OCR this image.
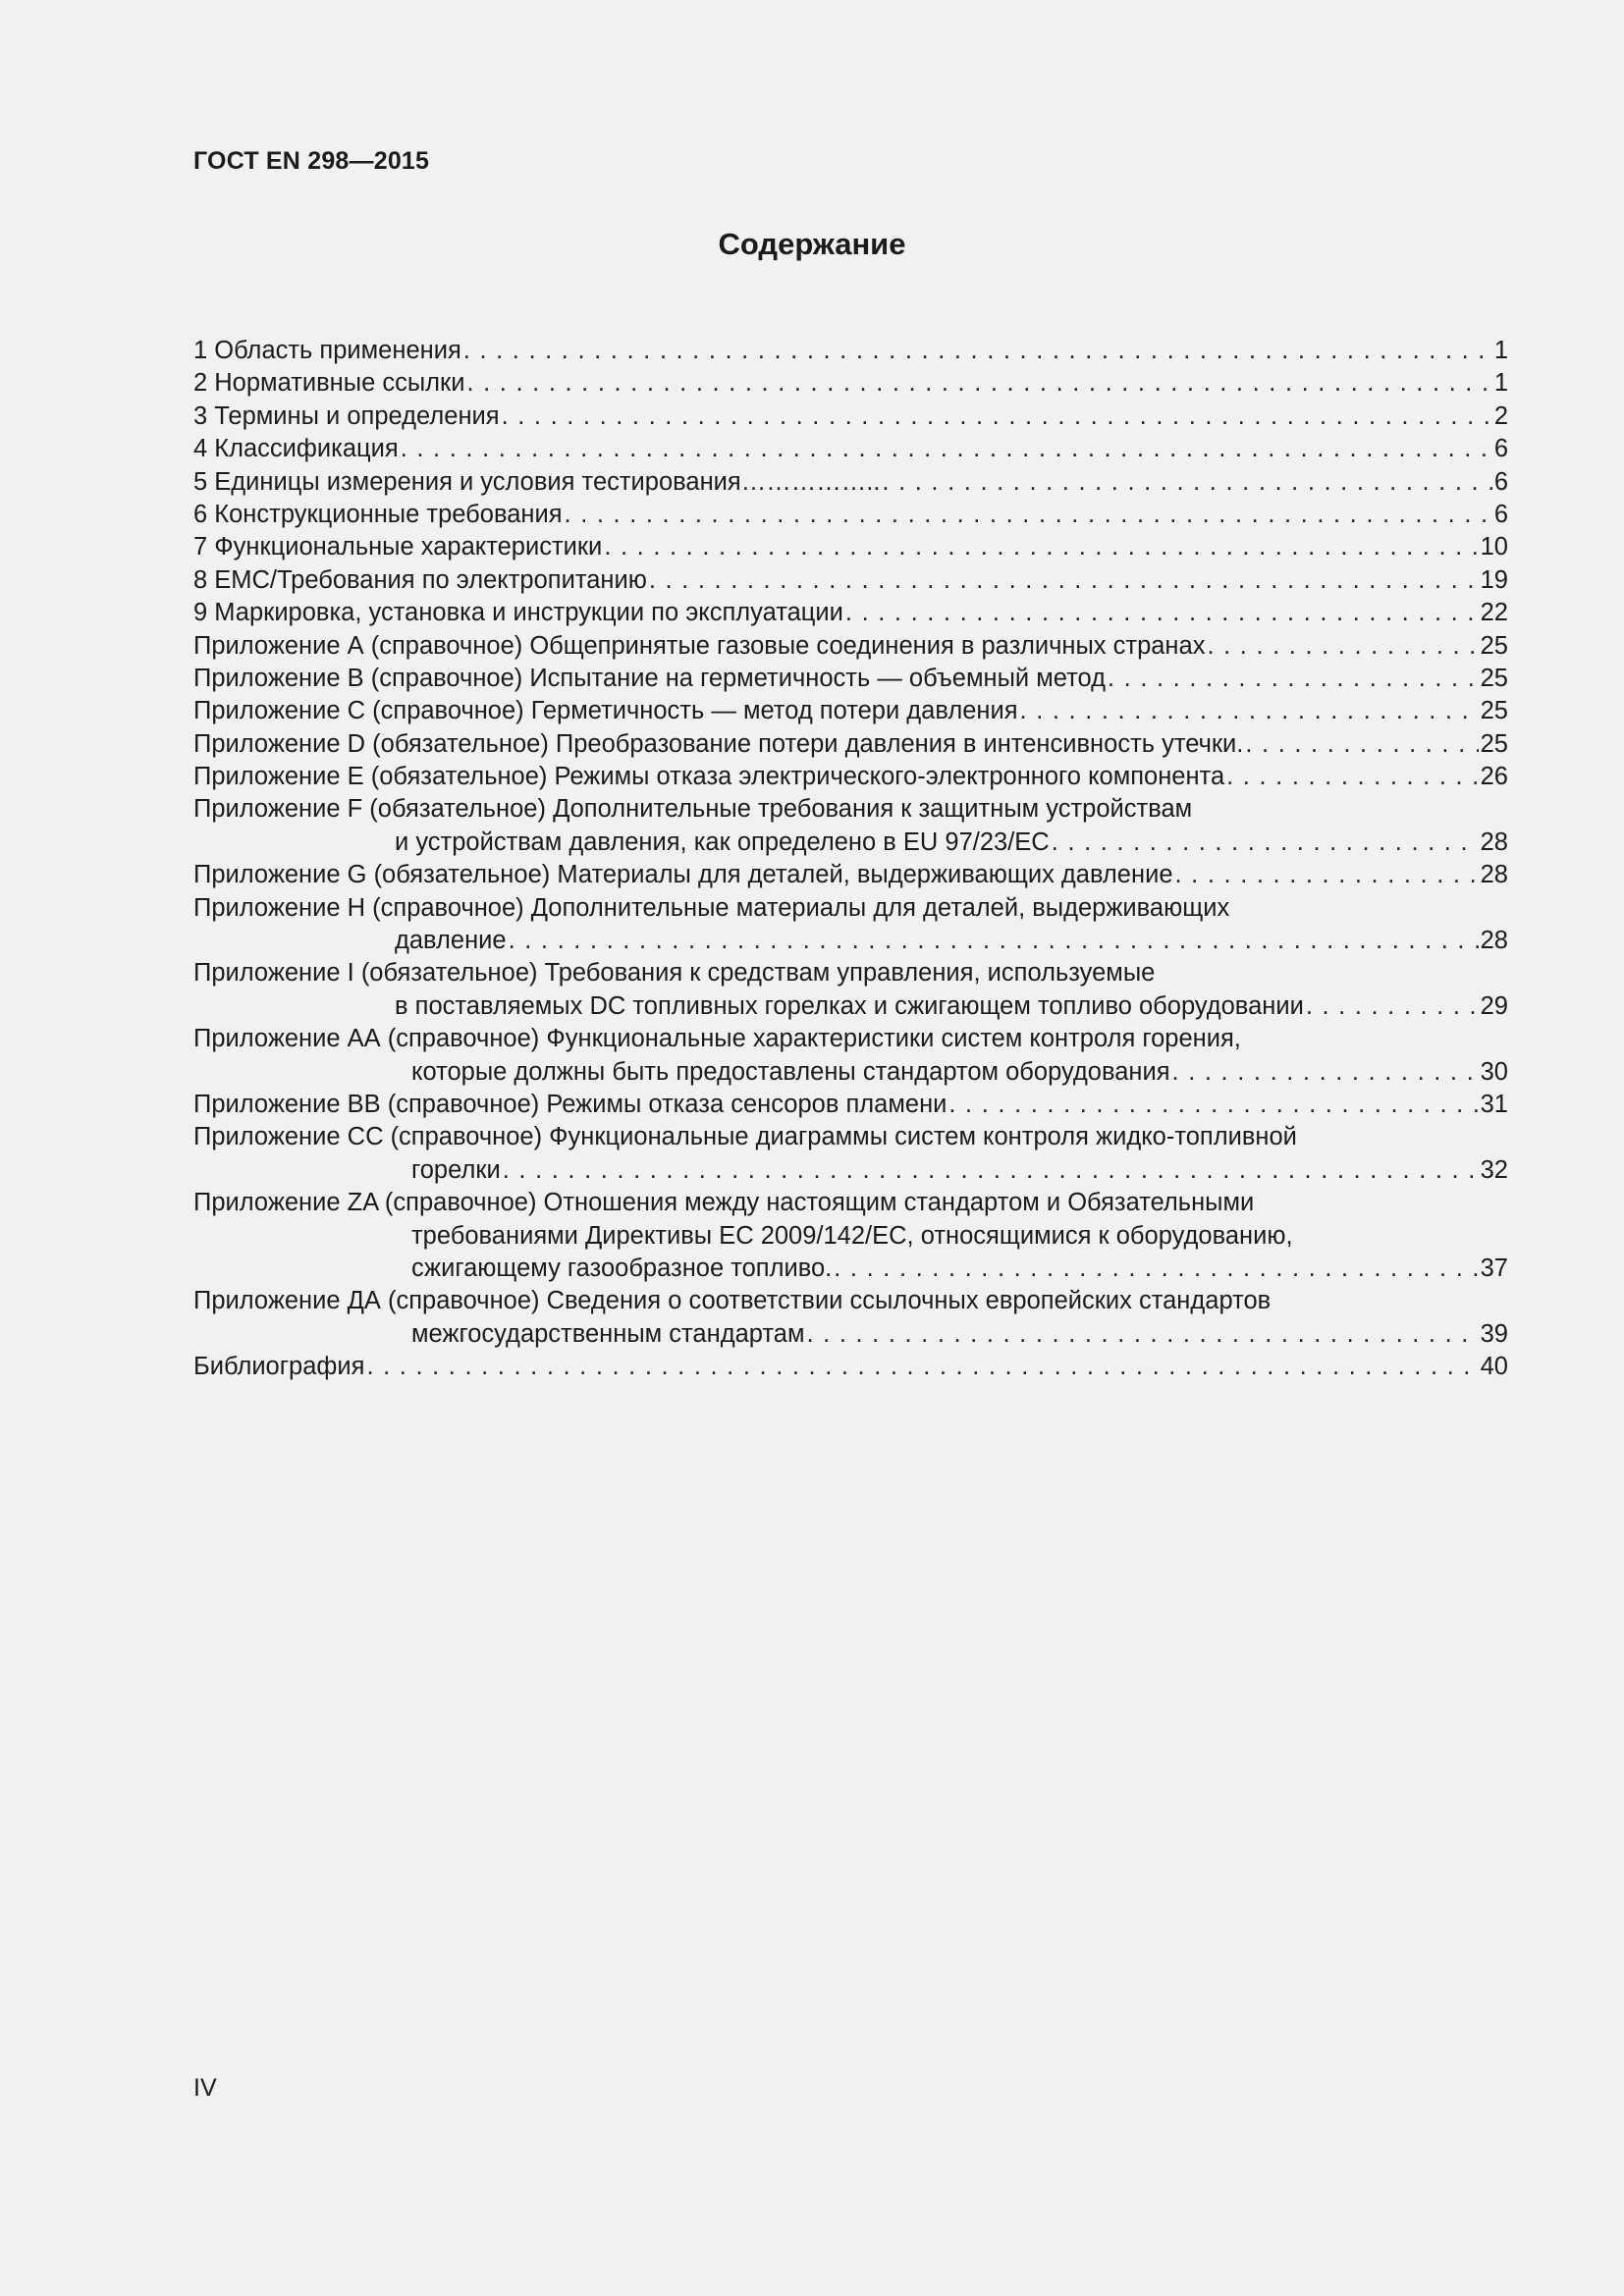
ГОСТ EN 298—2015
Содержание
1 Область применения . . .	1
2 Нормативные ссылки . . .	1
3 Термины и определения . . .	2
4 Классификация . . .	6
5 Единицы измерения и условия тестирования…………….. . . .	6
6 Конструкционные требования . . .	6
7 Функциональные характеристики . . .	10
8 EMC/Требования по электропитанию . . .	19
9 Маркировка, установка и инструкции по эксплуатации . . .	22
Приложение А (справочное) Общепринятые газовые соединения в различных странах . . .	25
Приложение В (справочное) Испытание на герметичность — объемный метод . . .	25
Приложение С (справочное) Герметичность — метод потери давления . . .	25
Приложение D (обязательное) Преобразование потери давления в интенсивность утечки. . . .	25
Приложение Е (обязательное) Режимы отказа электрического-электронного компонента . . .	26
Приложение F (обязательное) Дополнительные требования к защитным устройствам
и устройствам давления, как определено в EU 97/23/EC . . .	28
Приложение G (обязательное) Материалы для деталей, выдерживающих давление . . .	28
Приложение H (справочное) Дополнительные материалы для деталей, выдерживающих
давление . . .	28
Приложение I (обязательное) Требования к средствам управления, используемые
в поставляемых DC топливных горелках и сжигающем топливо оборудовании . . .	29
Приложение АА (справочное) Функциональные характеристики систем контроля горения,
которые должны быть предоставлены стандартом оборудования . . .	30
Приложение ВВ (справочное) Режимы отказа сенсоров пламени . . .	31
Приложение СС (справочное) Функциональные диаграммы систем контроля жидко-топливной
горелки . . .	32
Приложение ZA (справочное) Отношения между настоящим стандартом и Обязательными
требованиями Директивы ЕС 2009/142/ЕС, относящимися к оборудованию,
сжигающему газообразное топливо. . . .	37
Приложение ДА (справочное) Сведения о соответствии ссылочных европейских стандартов
межгосударственным стандартам . . .	39
Библиография . . .	40
IV
